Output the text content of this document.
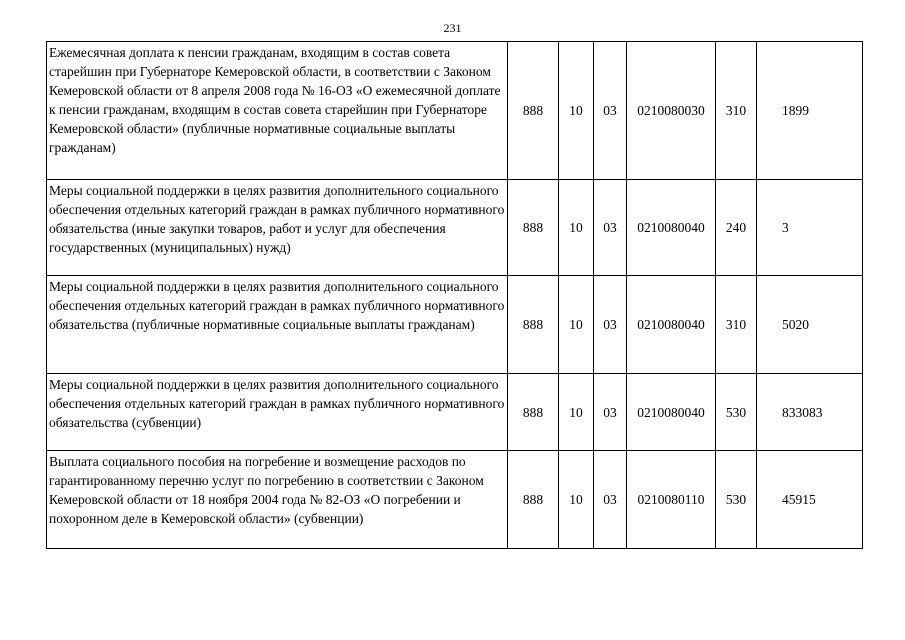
231
Ежемесячная доплата к пенсии гражданам, входящим в состав совета старейшин при Губернаторе Кемеровской области, в соответствии с Законом Кемеровской области от 8 апреля 2008 года № 16-ОЗ «О ежемесячной доплате к пенсии гражданам, входящим в состав совета старейшин при Губернаторе Кемеровской области» (публичные нормативные социальные выплаты гражданам)	888	10	03	0210080030	310	1899
Меры социальной поддержки в целях развития дополнительного социального обеспечения отдельных категорий граждан в рамках публичного нормативного обязательства (иные закупки товаров, работ и услуг для обеспечения государственных (муниципальных) нужд)	888	10	03	0210080040	240	3
Меры социальной поддержки в целях развития дополнительного социального обеспечения отдельных категорий граждан в рамках публичного нормативного обязательства (публичные нормативные социальные выплаты гражданам)	888	10	03	0210080040	310	5020
Меры социальной поддержки в целях развития дополнительного социального обеспечения отдельных категорий граждан в рамках публичного нормативного обязательства (субвенции)	888	10	03	0210080040	530	833083
Выплата социального пособия на погребение и возмещение расходов по гарантированному перечню услуг по погребению в соответствии с Законом Кемеровской области от 18 ноября 2004 года № 82-ОЗ «О погребении и похоронном деле в Кемеровской области» (субвенции)	888	10	03	0210080110	530	45915
